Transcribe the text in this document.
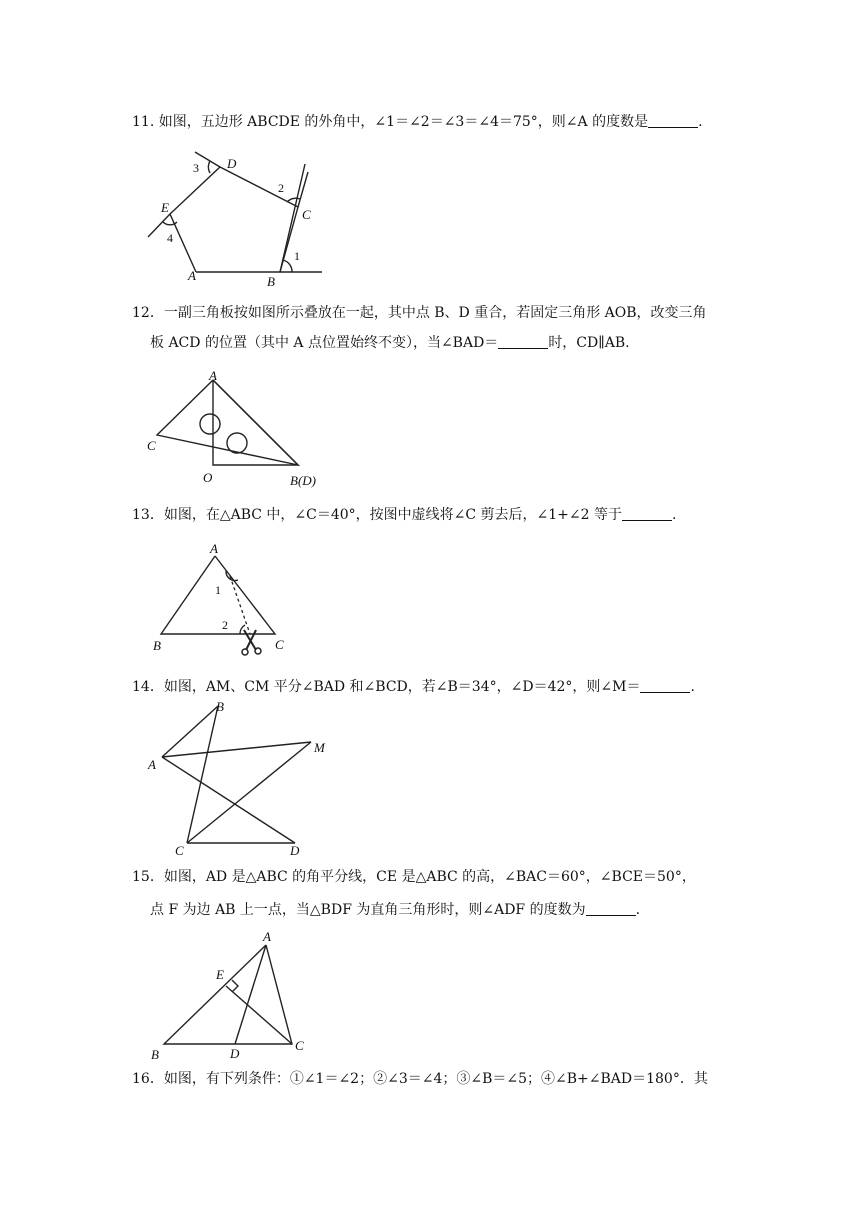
11. 如图，五边形 ABCDE 的外角中，∠1＝∠2＝∠3＝∠4＝75°，则∠A 的度数是	.
A	B
C
D
E
1
2
3
4
12．一副三角板按如图所示叠放在一起，其中点 B、D 重合，若固定三角形 AOB，改变三角
板 ACD 的位置（其中 A 点位置始终不变），当∠BAD＝	时，CD∥AB.
A
C
O	B(D)
13．如图，在△ABC 中，∠C＝40°，按图中虚线将∠C 剪去后，∠1+∠2 等于	.
A
B	C
1
2
14．如图，AM、CM 平分∠BAD 和∠BCD，若∠B＝34°，∠D＝42°，则∠M＝	.
B
A
M
C	D
15．如图，AD 是△ABC 的角平分线，CE 是△ABC 的高，∠BAC＝60°，∠BCE＝50°，
点 F 为边 AB 上一点，当△BDF 为直角三角形时，则∠ADF 的度数为	.
A
E
B	D
C
16．如图，有下列条件：①∠1＝∠2；②∠3＝∠4；③∠B＝∠5；④∠B+∠BAD＝180°．其
